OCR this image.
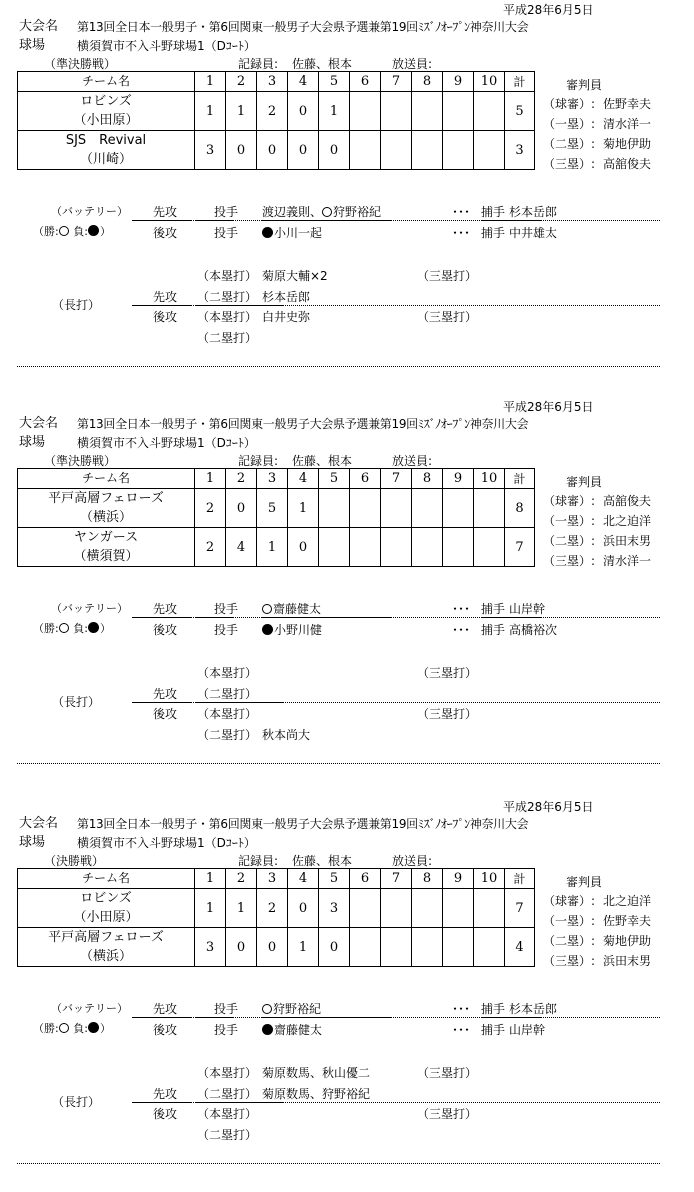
平成28年6月5日
大会名 第13回全日本一般男子・第6回関東一般男子大会県予選兼第19回ﾐｽﾞﾉｵｰﾌﾟﾝ神奈川大会
球場	横須賀市不入斗野球場1（Dｺｰﾄ）
（準決勝戦）	記録員: 佐藤、根本	放送員:
チーム名	1	2	3	4	5	6	7	8	9	10	計

ロビンズ
（小田原）	1	1	2	0	1						5

SJS　Revival
（川崎）	3	0	0	0	0						3
審判員
（球審）: 佐野幸夫
（一塁）: 清水洋一
（二塁）: 菊地伊助
（三塁）: 高舘俊夫
（バッテリー）
（勝: 負: ）
先攻	投手 渡辺義則、 狩野裕紀	･･･ 捕手 杉本岳郎
後攻	投手	小川一起	･･･ 捕手 中井雄太
（長打）
先攻
後攻
（本塁打） 菊原大輔×2	（三塁打）
（二塁打） 杉本岳郎
（本塁打） 白井史弥	（三塁打）
（二塁打）
平成28年6月5日
大会名 第13回全日本一般男子・第6回関東一般男子大会県予選兼第19回ﾐｽﾞﾉｵｰﾌﾟﾝ神奈川大会
球場	横須賀市不入斗野球場1（Dｺｰﾄ）
（準決勝戦）	記録員: 佐藤、根本	放送員:
チーム名	1	2	3	4	5	6	7	8	9	10	計

平戸高層フェローズ
（横浜）	2	0	5	1							8

ヤンガース
（横須賀）	2	4	1	0							7
審判員
（球審）: 高舘俊夫
（一塁）: 北之迫洋
（二塁）: 浜田末男
（三塁）: 清水洋一
（バッテリー）
（勝: 負: ）
先攻	投手	齋藤健太	･･･ 捕手 山岸幹
後攻	投手	小野川健	･･･ 捕手 高橋裕次
（長打）
先攻
後攻
（本塁打）	（三塁打）
（二塁打）
（本塁打）	（三塁打）
（二塁打） 秋本尚大
平成28年6月5日
大会名 第13回全日本一般男子・第6回関東一般男子大会県予選兼第19回ﾐｽﾞﾉｵｰﾌﾟﾝ神奈川大会
球場	横須賀市不入斗野球場1（Dｺｰﾄ）
（決勝戦）	記録員: 佐藤、根本	放送員:
チーム名	1	2	3	4	5	6	7	8	9	10	計

ロビンズ
（小田原）	1	1	2	0	3						7

平戸高層フェローズ
（横浜）	3	0	0	1	0						4
審判員
（球審）: 北之迫洋
（一塁）: 佐野幸夫
（二塁）: 菊地伊助
（三塁）: 浜田末男
（バッテリー）
（勝: 負: ）
先攻	投手	狩野裕紀	･･･ 捕手 杉本岳郎
後攻	投手	齋藤健太	･･･ 捕手 山岸幹
（長打）
先攻
後攻
（本塁打） 菊原数馬、秋山優二	（三塁打）
（二塁打） 菊原数馬、狩野裕紀
（本塁打）	（三塁打）
（二塁打）
